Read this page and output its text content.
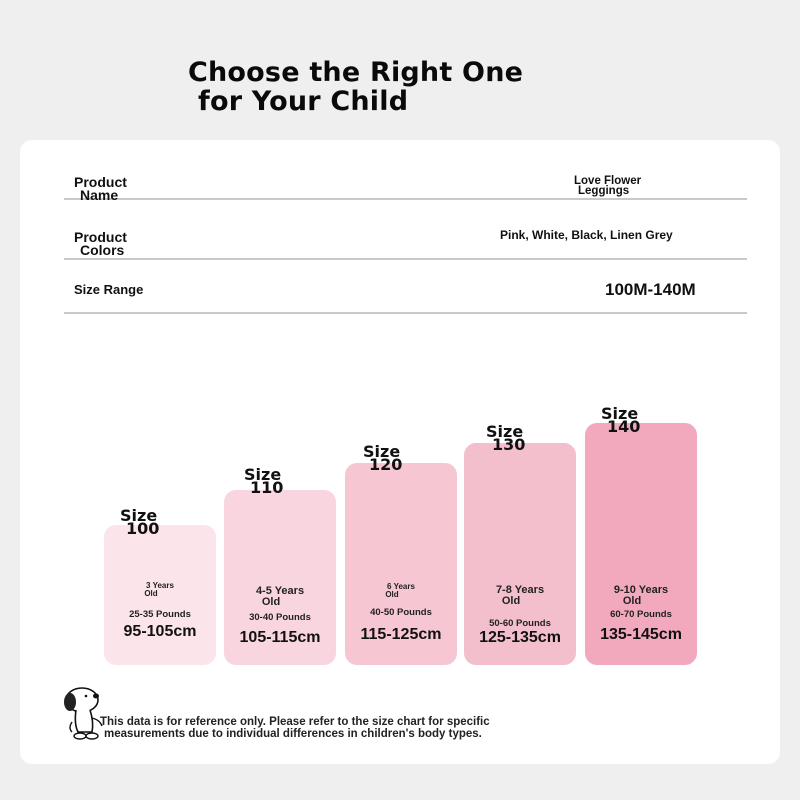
Choose the Right One
for Your Child
Product
Name
Love Flower
Leggings
Product
Colors
Pink, White, Black, Linen Grey
Size Range	100M-140M
Size
100
3 Years
Old
25-35 Pounds
95-105cm
Size
110
4-5 Years
Old
30-40 Pounds
105-115cm
Size
120
6 Years
Old
40-50 Pounds
115-125cm
Size
130
7-8 Years
Old
50-60 Pounds
125-135cm
Size
140
9-10 Years
Old
60-70 Pounds
135-145cm
This data is for reference only. Please refer to the size chart for specific
measurements due to individual differences in children's body types.
